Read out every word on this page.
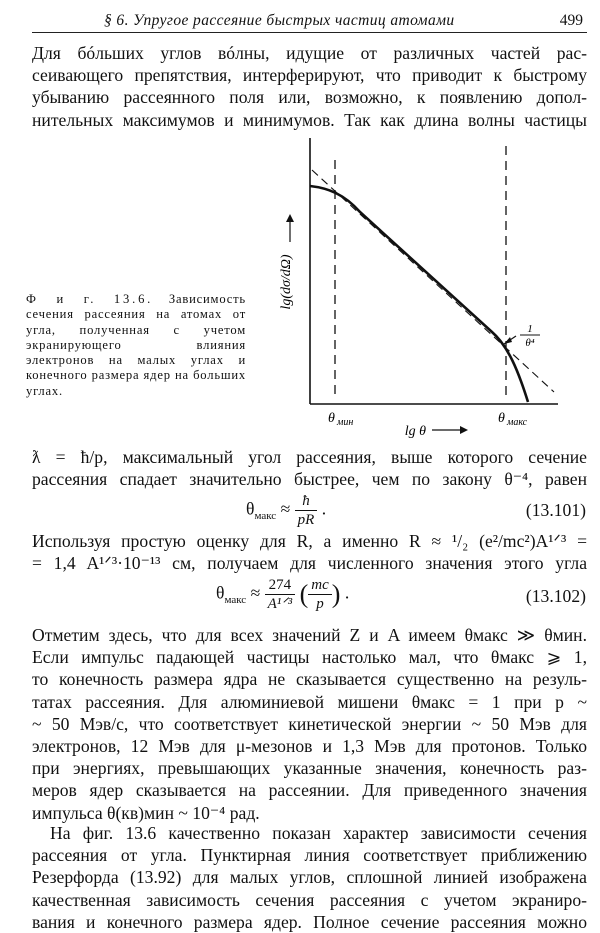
§ 6. Упругое рассеяние быстрых частиц атомами	499
Для бóльших углов вóлны, идущие от различных частей рас-
сеивающего препятствия, интерферируют, что приводит к быстрому
убыванию рассеянного поля или, возможно, к появлению допол-
нительных максимумов и минимумов. Так как длина волны частицы
Ф и г. 13.6. Зависимость сечения рассеяния на атомах от угла, полученная с учетом экранирующего влияния электронов на малых углах и конечного размера ядер на больших углах.
1
θ⁴
lg(dσ/dΩ)
θ мин	θ макс
lg θ
ƛ = ħ/p, максимальный угол рассеяния, выше которого сечение
рассеяния спадает значительно быстрее, чем по закону θ⁻⁴, равен
$\theta_{макс} \approx \frac{ħ}{pR}$ .	(13.101)
Используя простую оценку для R, а именно R ≈ ¹/₂ (e²/mc²)A¹ᐟ³ =
= 1,4 A¹ᐟ³·10⁻¹³ см, получаем для численного значения этого угла
$\theta_{макс} \approx \frac{274}{\text{A¹ᐟ³}}$ ( $\frac{mc}{p}$ ) .	(13.102)
Отметим здесь, что для всех значений Z и A имеем θмакс ≫ θмин.
Если импульс падающей частицы настолько мал, что θмакс ⩾ 1,
то конечность размера ядра не сказывается существенно на резуль-
татах рассеяния. Для алюминиевой мишени θмакс = 1 при p ~
~ 50 Мэв/с, что соответствует кинетической энергии ~ 50 Мэв для
электронов, 12 Мэв для μ-мезонов и 1,3 Мэв для протонов. Только
при энергиях, превышающих указанные значения, конечность раз-
меров ядер сказывается на рассеянии. Для приведенного значения
импульса θ(кв)мин ~ 10⁻⁴ рад.
На фиг. 13.6 качественно показан характер зависимости сечения
рассеяния от угла. Пунктирная линия соответствует приближению
Резерфорда (13.92) для малых углов, сплошной линией изображена
качественная зависимость сечения рассеяния с учетом экраниро-
вания и конечного размера ядер. Полное сечение рассеяния можно
